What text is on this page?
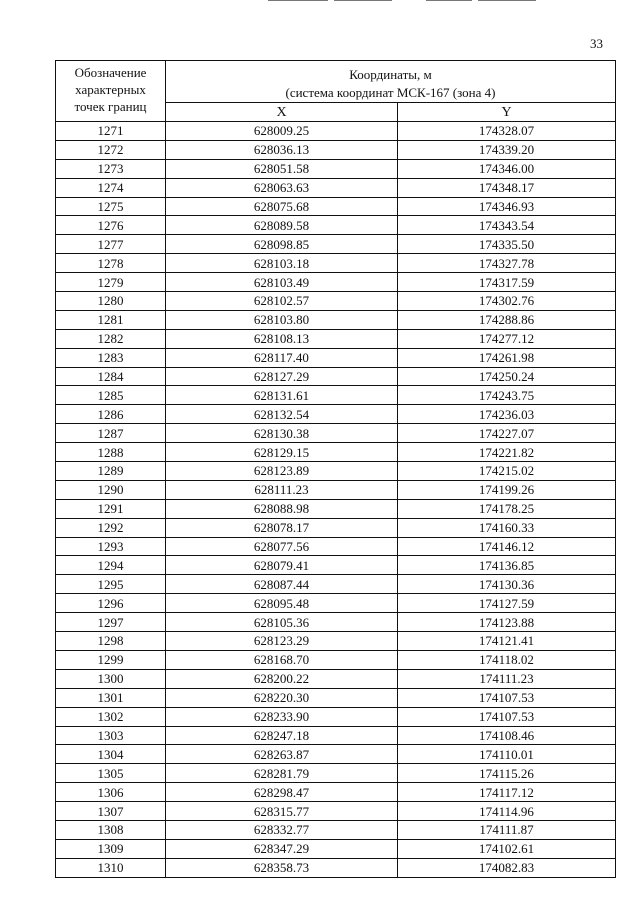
33
Обозначение
характерных
точек границ	Координаты, м
(система координат МСК-167 (зона 4)	

	X	Y
1271	628009.25	174328.07
1272	628036.13	174339.20
1273	628051.58	174346.00
1274	628063.63	174348.17
1275	628075.68	174346.93
1276	628089.58	174343.54
1277	628098.85	174335.50
1278	628103.18	174327.78
1279	628103.49	174317.59
1280	628102.57	174302.76
1281	628103.80	174288.86
1282	628108.13	174277.12
1283	628117.40	174261.98
1284	628127.29	174250.24
1285	628131.61	174243.75
1286	628132.54	174236.03
1287	628130.38	174227.07
1288	628129.15	174221.82
1289	628123.89	174215.02
1290	628111.23	174199.26
1291	628088.98	174178.25
1292	628078.17	174160.33
1293	628077.56	174146.12
1294	628079.41	174136.85
1295	628087.44	174130.36
1296	628095.48	174127.59
1297	628105.36	174123.88
1298	628123.29	174121.41
1299	628168.70	174118.02
1300	628200.22	174111.23
1301	628220.30	174107.53
1302	628233.90	174107.53
1303	628247.18	174108.46
1304	628263.87	174110.01
1305	628281.79	174115.26
1306	628298.47	174117.12
1307	628315.77	174114.96
1308	628332.77	174111.87
1309	628347.29	174102.61
1310	628358.73	174082.83
